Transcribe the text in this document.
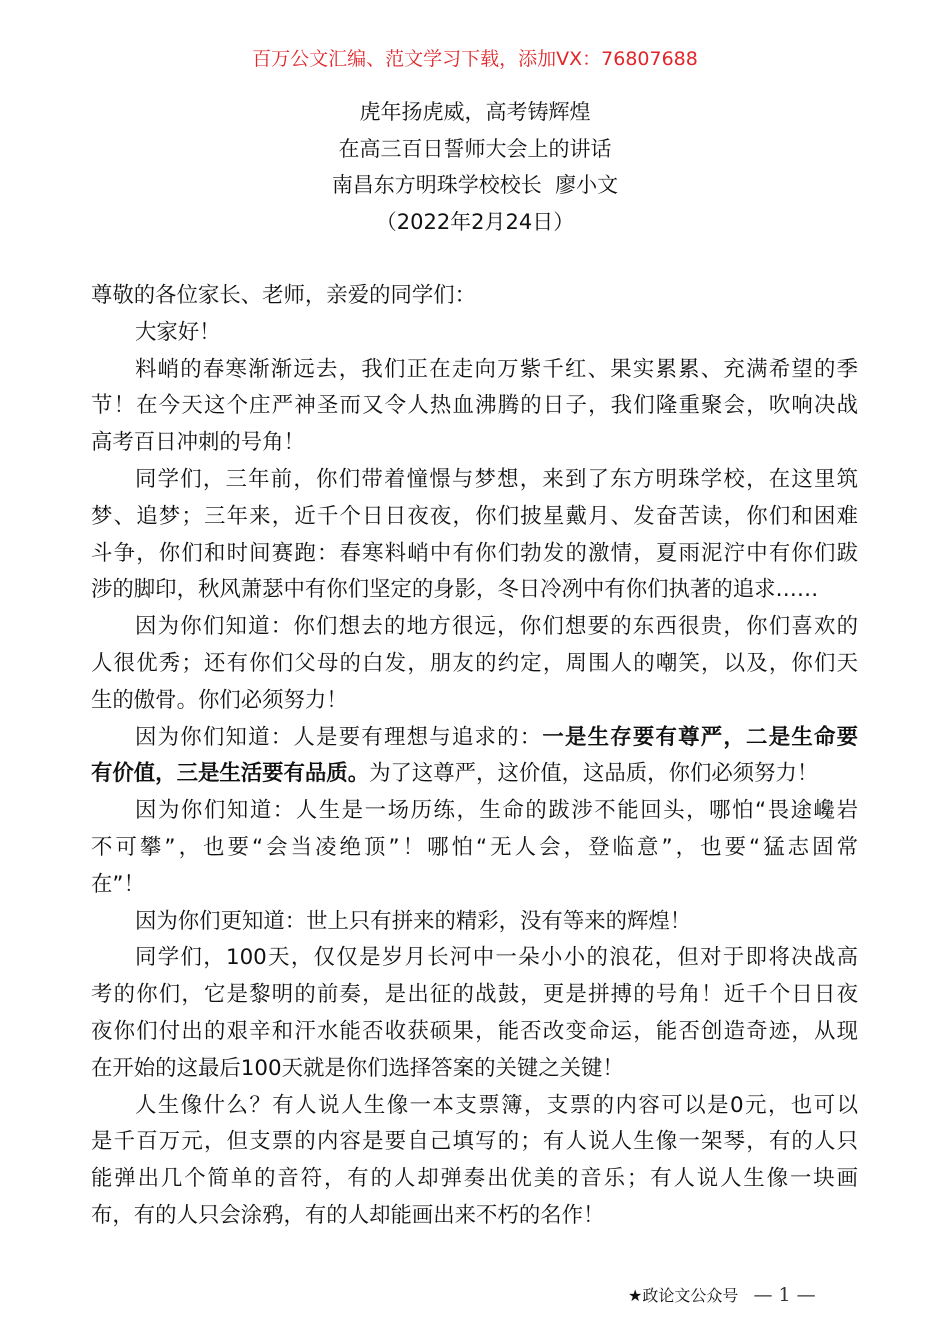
百万公文汇编、范文学习下载，添加VX：76807688
虎年扬虎威，高考铸辉煌
在高三百日誓师大会上的讲话
南昌东方明珠学校校长  廖小文
（2022年2月24日）
尊敬的各位家长、老师，亲爱的同学们：
大家好！
料峭的春寒渐渐远去，我们正在走向万紫千红、果实累累、充满希望的季
节！在今天这个庄严神圣而又令人热血沸腾的日子，我们隆重聚会，吹响决战
高考百日冲刺的号角！
同学们，三年前，你们带着憧憬与梦想，来到了东方明珠学校，在这里筑
梦、追梦；三年来，近千个日日夜夜，你们披星戴月、发奋苦读，你们和困难
斗争，你们和时间赛跑：春寒料峭中有你们勃发的激情，夏雨泥泞中有你们跋
涉的脚印，秋风萧瑟中有你们坚定的身影，冬日冷冽中有你们执著的追求……
因为你们知道：你们想去的地方很远，你们想要的东西很贵，你们喜欢的
人很优秀；还有你们父母的白发，朋友的约定，周围人的嘲笑，以及，你们天
生的傲骨。你们必须努力！
因为你们知道：人是要有理想与追求的：一是生存要有尊严，二是生命要
有价值，三是生活要有品质。为了这尊严，这价值，这品质，你们必须努力！
因为你们知道：人生是一场历练，生命的跋涉不能回头，哪怕“畏途巉岩
不可攀”，也要“会当凌绝顶”！哪怕“无人会，登临意”，也要“猛志固常
在”！
因为你们更知道：世上只有拼来的精彩，没有等来的辉煌！
同学们，100天，仅仅是岁月长河中一朵小小的浪花，但对于即将决战高
考的你们，它是黎明的前奏，是出征的战鼓，更是拼搏的号角！近千个日日夜
夜你们付出的艰辛和汗水能否收获硕果，能否改变命运，能否创造奇迹，从现
在开始的这最后100天就是你们选择答案的关键之关键！
人生像什么？有人说人生像一本支票簿，支票的内容可以是0元，也可以
是千百万元，但支票的内容是要自己填写的；有人说人生像一架琴，有的人只
能弹出几个简单的音符，有的人却弹奏出优美的音乐；有人说人生像一块画
布，有的人只会涂鸦，有的人却能画出来不朽的名作！
★政论文公众号 — 1 —
